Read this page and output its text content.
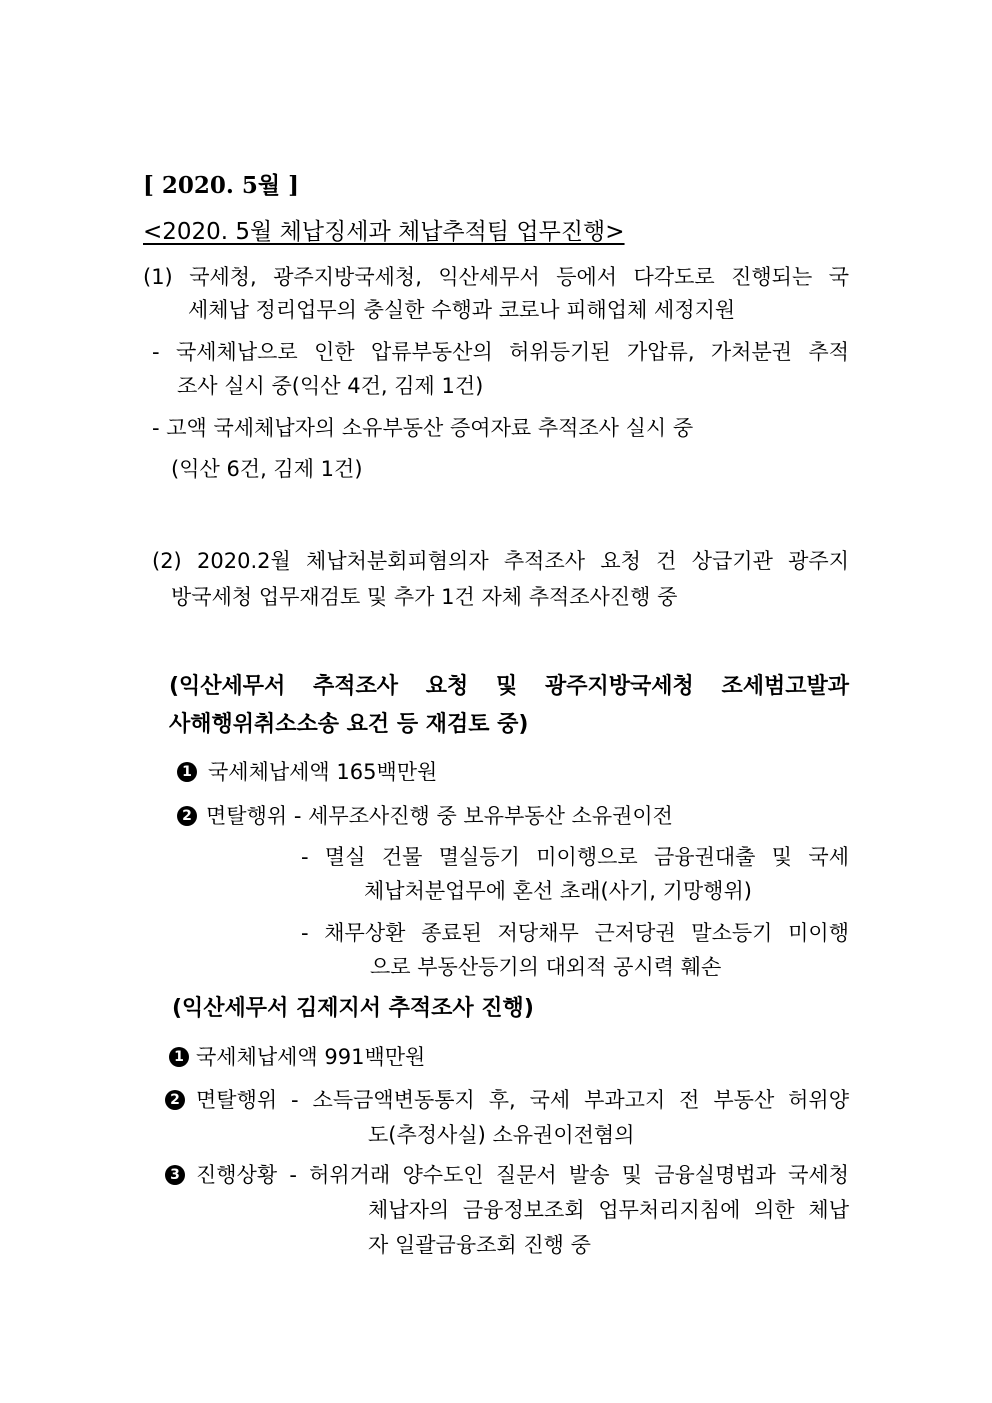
[ 2020. 5월 ]
<2020. 5월 체납징세과 체납추적팀 업무진행>
(1) 국세청, 광주지방국세청, 익산세무서 등에서 다각도로 진행되는 국
세체납 정리업무의 충실한 수행과 코로나 피해업체 세정지원
- 국세체납으로 인한 압류부동산의 허위등기된 가압류, 가처분권 추적
조사 실시 중(익산 4건, 김제 1건)
- 고액 국세체납자의 소유부동산 증여자료 추적조사 실시 중
(익산 6건, 김제 1건)
(2) 2020.2월 체납처분회피혐의자 추적조사 요청 건 상급기관 광주지
방국세청 업무재검토 및 추가 1건 자체 추적조사진행 중
(익산세무서 추적조사 요청 및 광주지방국세청 조세범고발과
사해행위취소소송 요건 등 재검토 중)
1 국세체납세액 165백만원
2 면탈행위 - 세무조사진행 중 보유부동산 소유권이전
- 멸실 건물 멸실등기 미이행으로 금융권대출 및 국세
체납처분업무에 혼선 초래(사기, 기망행위)
- 채무상환 종료된 저당채무 근저당권 말소등기 미이행
으로 부동산등기의 대외적 공시력 훼손
(익산세무서 김제지서 추적조사 진행)
1 국세체납세액 991백만원
2 면탈행위 - 소득금액변동통지 후, 국세 부과고지 전 부동산 허위양
도(추정사실) 소유권이전혐의
3 진행상황 - 허위거래 양수도인 질문서 발송 및 금융실명법과 국세청
체납자의 금융정보조회 업무처리지침에 의한 체납
자 일괄금융조회 진행 중
